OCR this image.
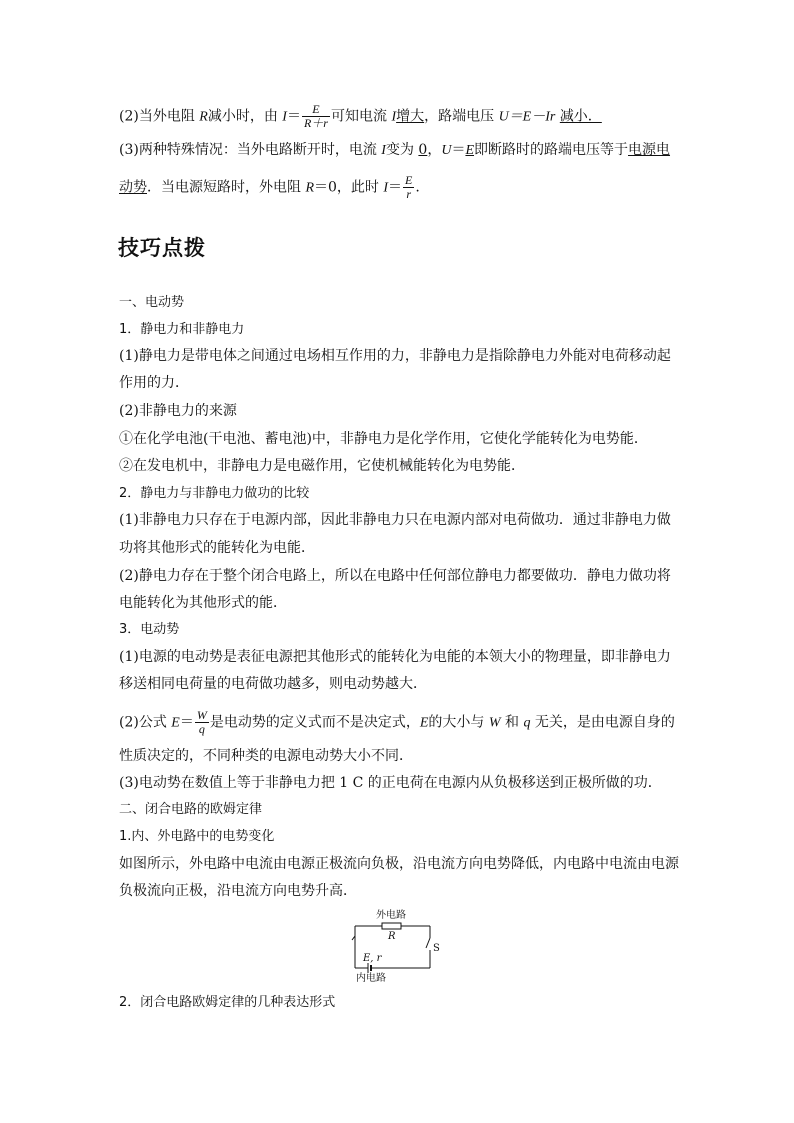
(2)当外电阻 R减小时，由 $I= \frac{E}{R+r}$ 可知电流 I增大，路端电压 U＝E－Ir 减小．
(3)两种特殊情况：当外电路断开时，电流 I变为 0，U＝E即断路时的路端电压等于电源电
动势．当电源短路时，外电阻 R＝0，此时 $I= \frac{E}{r}$ .
技巧点拨
一、电动势
1．静电力和非静电力
(1)静电力是带电体之间通过电场相互作用的力，非静电力是指除静电力外能对电荷移动起
作用的力．
(2)非静电力的来源
①在化学电池(干电池、蓄电池)中，非静电力是化学作用，它使化学能转化为电势能．
②在发电机中，非静电力是电磁作用，它使机械能转化为电势能．
2．静电力与非静电力做功的比较
(1)非静电力只存在于电源内部，因此非静电力只在电源内部对电荷做功．通过非静电力做
功将其他形式的能转化为电能．
(2)静电力存在于整个闭合电路上，所以在电路中任何部位静电力都要做功．静电力做功将
电能转化为其他形式的能．
3．电动势
(1)电源的电动势是表征电源把其他形式的能转化为电能的本领大小的物理量，即非静电力
移送相同电荷量的电荷做功越多，则电动势越大．
(2)公式 $E= \frac{W}{q}$ 是电动势的定义式而不是决定式，E的大小与 W 和 q 无关，是由电源自身的
性质决定的，不同种类的电源电动势大小不同．
(3)电动势在数值上等于非静电力把 1 C 的正电荷在电源内从负极移送到正极所做的功．
二、闭合电路的欧姆定律
1.内、外电路中的电势变化
如图所示，外电路中电流由电源正极流向负极，沿电流方向电势降低，内电路中电流由电源
负极流向正极，沿电流方向电势升高．
外电路
R
S
E, r
内电路
2．闭合电路欧姆定律的几种表达形式
